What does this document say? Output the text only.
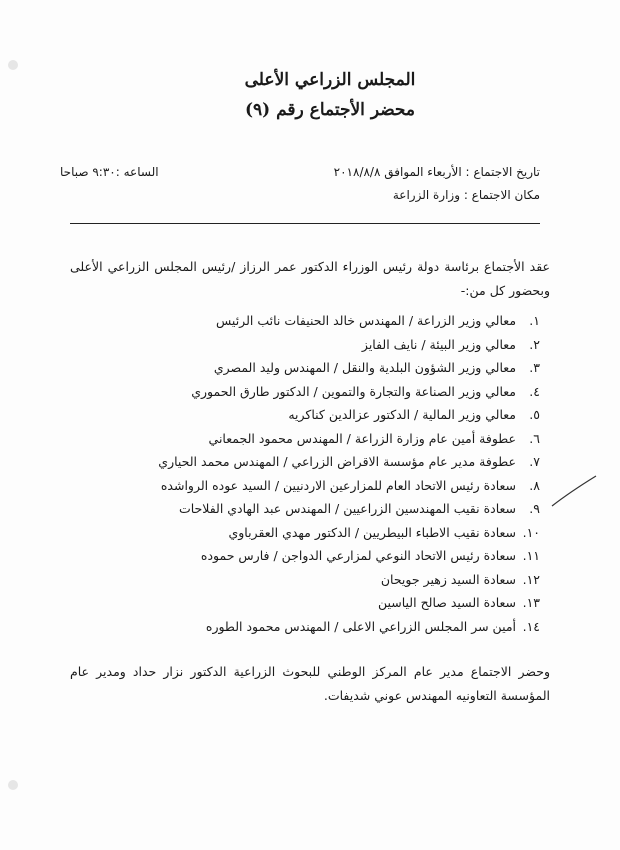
المجلس الزراعي الأعلى
محضر الأجتماع رقم (٩)
تاريخ الاجتماع : الأربعاء الموافق ٢٠١٨/٨/٨
الساعه :٩:٣٠ صباحا
مكان الاجتماع : وزارة الزراعة
عقد الأجتماع برئاسة دولة رئيس الوزراء الدكتور عمر الرزاز /رئيس المجلس الزراعي الأعلى وبحضور كل من:-
١. معالي وزير الزراعة / المهندس خالد الحنيفات نائب الرئيس
٢. معالي وزير البيئة / نايف الفايز
٣. معالي وزير الشؤون البلدية والنقل / المهندس وليد المصري
٤. معالي وزير الصناعة والتجارة والتموين / الدكتور طارق الحموري
٥. معالي وزير المالية / الدكتور عزالدين كناكريه
٦. عطوفة أمين عام وزارة الزراعة / المهندس محمود الجمعاني
٧. عطوفة مدير عام مؤسسة الاقراض الزراعي / المهندس محمد الحياري
٨. سعادة رئيس الاتحاد العام للمزارعين الاردنيين / السيد عوده الرواشده
٩. سعادة نقيب المهندسين الزراعيين / المهندس عبد الهادي الفلاحات
١٠. سعادة نقيب الاطباء البيطريين / الدكتور مهدي العقرباوي
١١. سعادة رئيس الاتحاد النوعي لمزارعي الدواجن / فارس حموده
١٢. سعادة السيد زهير جويحان
١٣. سعادة السيد صالح الياسين
١٤. أمين سر المجلس الزراعي الاعلى / المهندس محمود الطوره
وحضر الاجتماع مدير عام المركز الوطني للبحوث الزراعية الدكتور نزار حداد ومدير عام المؤسسة التعاونيه المهندس عوني شديفات.
